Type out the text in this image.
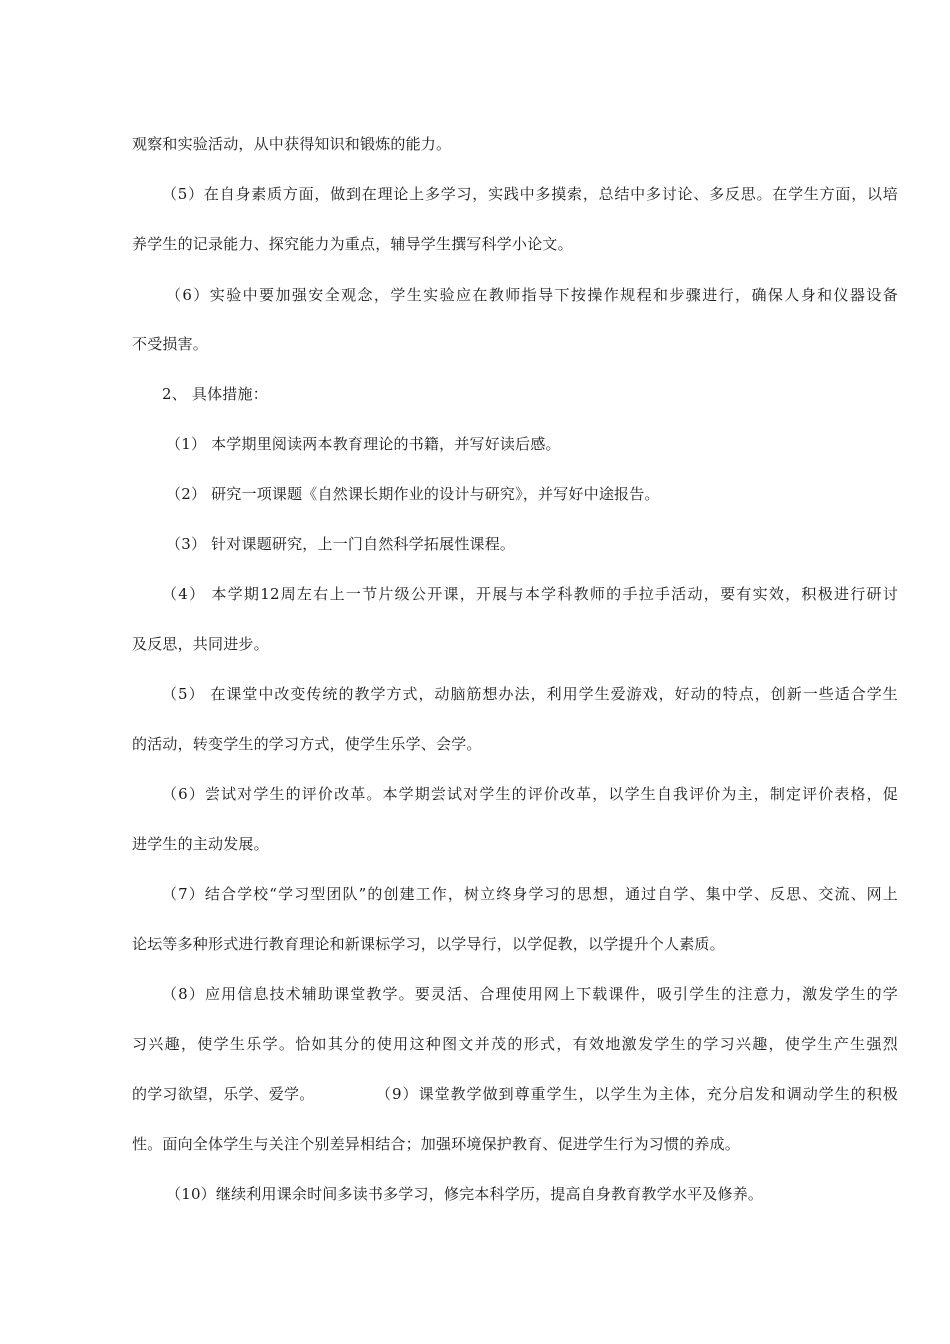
观察和实验活动，从中获得知识和锻炼的能力。
（5）在自身素质方面，做到在理论上多学习，实践中多摸索，总结中多讨论、多反思。在学生方面，以培
养学生的记录能力、探究能力为重点，辅导学生撰写科学小论文。
（6）实验中要加强安全观念，学生实验应在教师指导下按操作规程和步骤进行，确保人身和仪器设备
不受损害。
2、 具体措施：
（1） 本学期里阅读两本教育理论的书籍，并写好读后感。
（2） 研究一项课题《自然课长期作业的设计与研究》，并写好中途报告。
（3） 针对课题研究，上一门自然科学拓展性课程。
（4） 本学期12周左右上一节片级公开课，开展与本学科教师的手拉手活动，要有实效，积极进行研讨
及反思，共同进步。
（5） 在课堂中改变传统的教学方式，动脑筋想办法，利用学生爱游戏，好动的特点，创新一些适合学生
的活动，转变学生的学习方式，使学生乐学、会学。
（6）尝试对学生的评价改革。本学期尝试对学生的评价改革，以学生自我评价为主，制定评价表格，促
进学生的主动发展。
（7）结合学校“学习型团队”的创建工作，树立终身学习的思想，通过自学、集中学、反思、交流、网上
论坛等多种形式进行教育理论和新课标学习，以学导行，以学促教，以学提升个人素质。
（8）应用信息技术辅助课堂教学。要灵活、合理使用网上下载课件，吸引学生的注意力，激发学生的学
习兴趣，使学生乐学。恰如其分的使用这种图文并茂的形式，有效地激发学生的学习兴趣，使学生产生强烈
的学习欲望，乐学、爱学。	（9）课堂教学做到尊重学生，以学生为主体，充分启发和调动学生的积极
性。面向全体学生与关注个别差异相结合；加强环境保护教育、促进学生行为习惯的养成。
（10）继续利用课余时间多读书多学习，修完本科学历，提高自身教育教学水平及修养。
